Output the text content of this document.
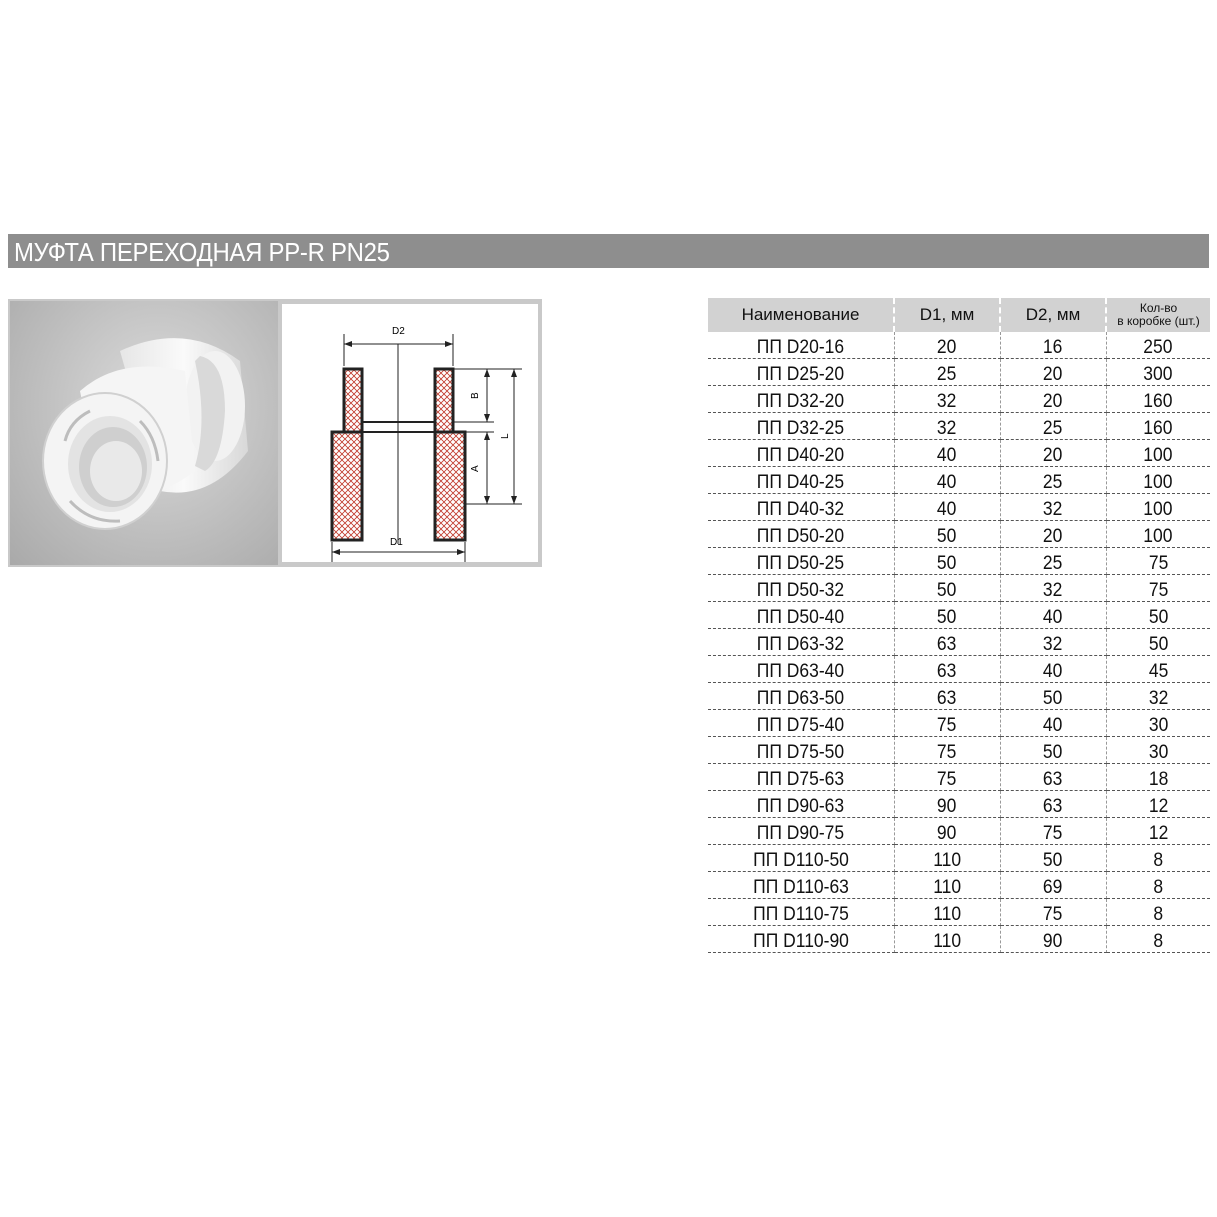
МУФТА ПЕРЕХОДНАЯ PP-R PN25
D2
D1
B
A
L
Наименование	D1, мм	D2, мм	Кол-во
в коробке (шт.)

ПП D20-16	20	16	250
ПП D25-20	25	20	300
ПП D32-20	32	20	160
ПП D32-25	32	25	160
ПП D40-20	40	20	100
ПП D40-25	40	25	100
ПП D40-32	40	32	100
ПП D50-20	50	20	100
ПП D50-25	50	25	75
ПП D50-32	50	32	75
ПП D50-40	50	40	50
ПП D63-32	63	32	50
ПП D63-40	63	40	45
ПП D63-50	63	50	32
ПП D75-40	75	40	30
ПП D75-50	75	50	30
ПП D75-63	75	63	18
ПП D90-63	90	63	12
ПП D90-75	90	75	12
ПП D110-50	110	50	8
ПП D110-63	110	69	8
ПП D110-75	110	75	8
ПП D110-90	110	90	8
